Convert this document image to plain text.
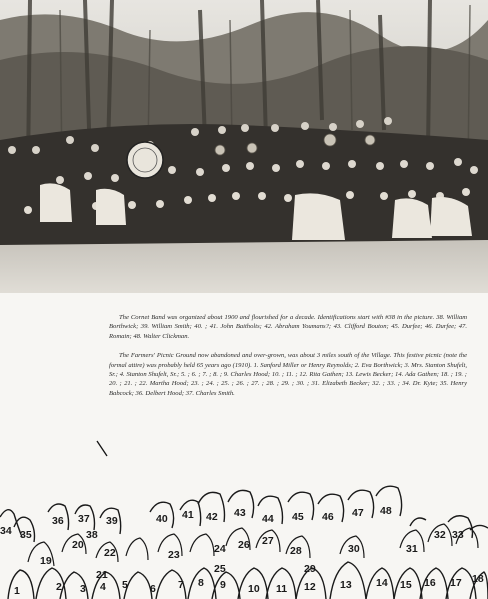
The Cornet Band was organized about 1900 and flourished for a decade. Identifications start with #38 in the picture. 38. William Borthwick; 39. William Smith; 40. ; 41. John Baitholts; 42. Abraham Youmans?; 43. Clifford Bouton; 45. Durfee; 46. Durfee; 47. Romain; 48. Walter Clickman.

The Farmers' Picnic Ground now abandoned and over-grown, was about 3 miles south of the Village. This festive picnic (note the formal attire) was probably held 65 years ago (1910). 1. Sanford Miller or Henry Reynolds; 2. Eva Borthwick; 3. Mrs. Stanton Shufelt, Sr.; 4. Stanton Shufelt, Sr.; 5. ; 6. ; 7. ; 8. ; 9. Charles Hood; 10. ; 11. ; 12. Rita Gathen; 13. Lewis Becker; 14. Ada Gathen; 18. ; 19. ; 20. ; 21. ; 22. Martha Hood; 23. ; 24. ; 25. ; 26. ; 27. ; 28. ; 29. ; 30. ; 31. Elizabeth Becker; 32. ; 33. ; 34. Dr. Kyte; 35. Henry Babcock; 36. Delbert Hood; 37. Charles Smith.

1	2 3 4 5 6 7 8 9 10 11 12 13 14 15 16 17 18
19
20
21
22	23	24
25
26 27
28
29
30	31
32 33
34 35
36 37
38
39	40 41 42 43 44 45 46 47 48
